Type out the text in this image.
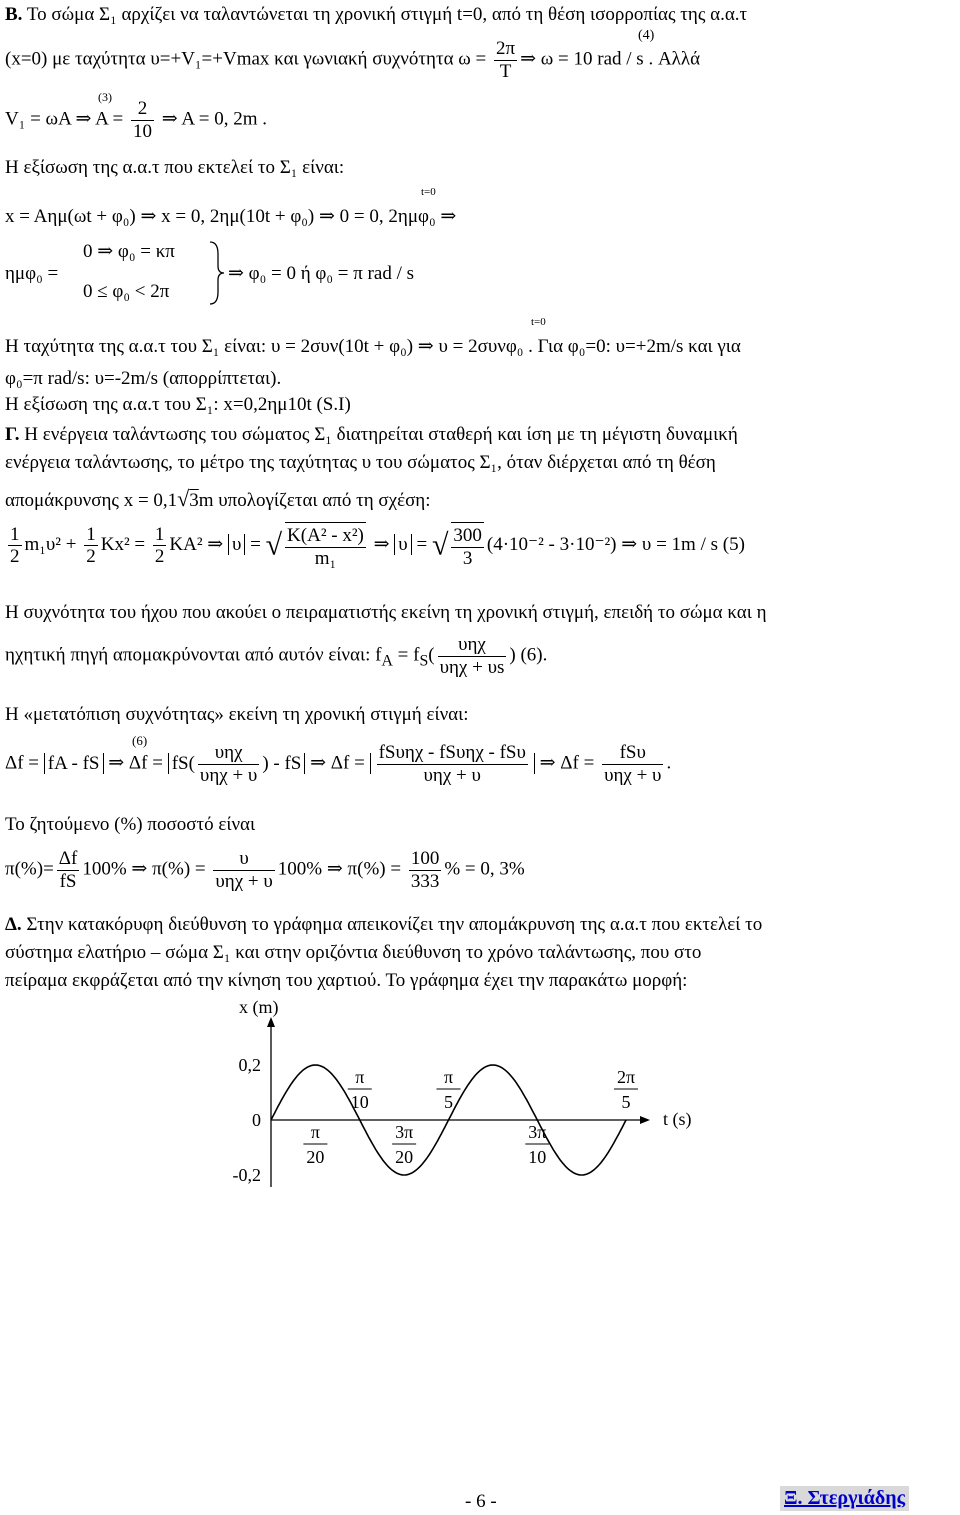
Β. Το σώμα Σ₁ αρχίζει να ταλαντώνεται τη χρονική στιγμή t=0, από τη θέση ισορροπίας της α.α.τ
(x=0) με ταχύτητα υ=+V₁=+Vmax και γωνιακή συχνότητα $\omega = \frac{2\pi}{T}$ ⇒ ω = 10 rad / s . Αλλά
(4)
(3)
V₁ = ωA ⇒ $A = \frac{2}{10}$ ⇒ A = 0, 2m .
Η εξίσωση της α.α.τ που εκτελεί το Σ₁ είναι:
t=0
x = Aημ(ωt + φ₀) ⇒ x = 0, 2ημ(10t + φ₀) ⇒ 0 = 0, 2ημφ₀ ⇒
0 ⇒ φ₀ = κπ
ημφ₀ =
0 ≤ φ₀ < 2π
⇒ φ₀ = 0 ή φ₀ = π rad / s
t=0
Η ταχύτητα της α.α.τ του Σ₁ είναι: υ = 2συν(10t + φ₀) ⇒ υ = 2συνφ₀ . Για φ₀=0: υ=+2m/s και για
φ₀=π rad/s: υ=-2m/s (απορρίπτεται).
Η εξίσωση της α.α.τ του Σ₁: x=0,2ημ10t (S.I)
Γ. Η ενέργεια ταλάντωσης του σώματος Σ₁ διατηρείται σταθερή και ίση με τη μέγιστη δυναμική
ενέργεια ταλάντωσης, το μέτρο της ταχύτητας υ του σώματος Σ₁, όταν διέρχεται από τη θέση
απομάκρυνσης x = 0,1√3m υπολογίζεται από τη σχέση:
$\frac{1}{2} m_1\upsilon^2 + \frac{1}{2} Kx^2 = \frac{1}{2} KA^2$ ⇒ υ = √ $\frac{\text{K(A² - x²)}}{\text{m₁}}$ ⇒ υ = √ $\frac{300}{3} (4\cdot 10^{-2} - 3\cdot 10^{-2})$ ⇒ υ = 1m / s (5)
Η συχνότητα του ήχου που ακούει ο πειραματιστής εκείνη τη χρονική στιγμή, επειδή το σώμα και η
ηχητική πηγή απομακρύνονται από αυτόν είναι: $f_A = f_S( \frac{\text{υηχ}}{\text{υηχ + υs}}$ ) (6).
Η «μετατόπιση συχνότητας» εκείνη τη χρονική στιγμή είναι:
(6)
Δf = fA - fS ⇒ $\Delta f = fS( \frac{\text{υηχ}}{\text{υηχ + υ}}$ ) - fS ⇒ $\Delta f = \frac{\text{fSυηχ - fSυηχ - fSυ}}{\text{υηχ + υ}}$ ⇒ $\Delta f = \frac{\text{fSυ}}{\text{υηχ + υ}}$ .
Το ζητούμενο (%) ποσοστό είναι
$\pi(\%)= \frac{\Delta f}{fS} 100\%$ ⇒ $\pi(\%) = \frac{\upsilon}{\text{υηχ + υ}} 100\%$ ⇒ $\pi(\%) = \frac{100}{333}$ % = 0, 3%
Δ. Στην κατακόρυφη διεύθυνση το γράφημα απεικονίζει την απομάκρυνση της α.α.τ που εκτελεί το
σύστημα ελατήριο – σώμα Σ₁ και στην οριζόντια διεύθυνση το χρόνο ταλάντωσης, που στο
πείραμα εκφράζεται από την κίνηση του χαρτιού. Το γράφημα έχει την παρακάτω μορφή:
x (m)
t (s)
0,2
0
-0,2
π
10
π
5
2π
5
π
20
3π
20
3π
10
- 6 -	Ξ. Στεργιάδης
